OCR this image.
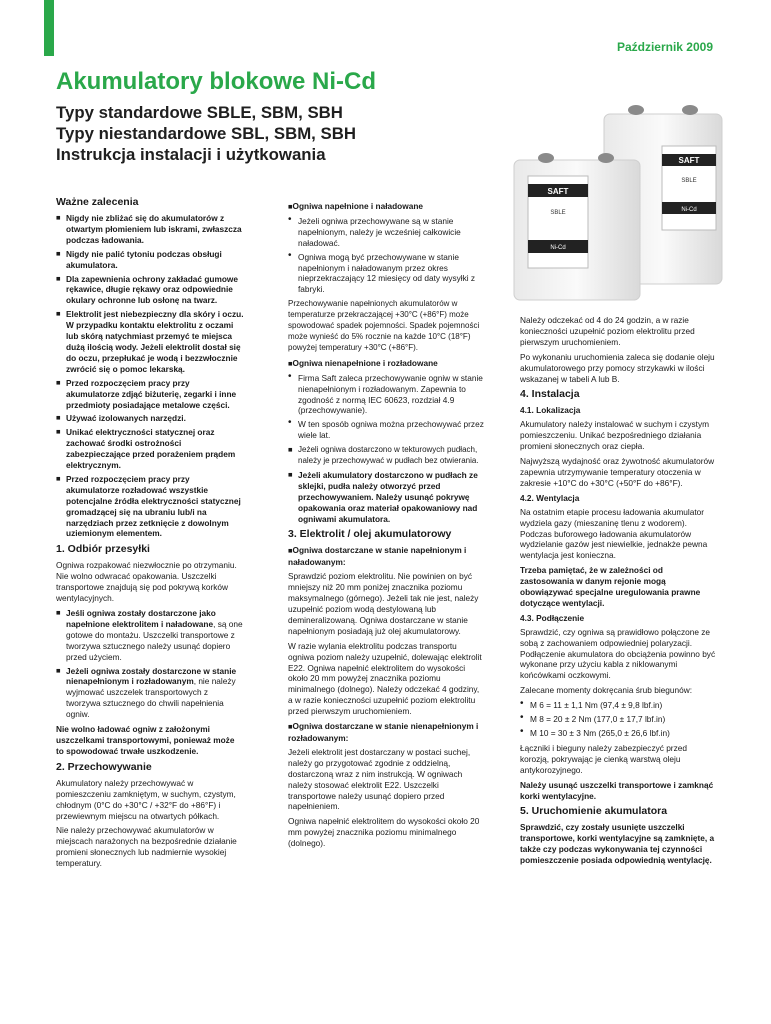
Październik 2009
Akumulatory blokowe Ni-Cd
Typy standardowe SBLE, SBM, SBH
Typy niestandardowe SBL, SBM, SBH
Instrukcja instalacji i użytkowania	SAFT
SBLE
Ni-Cd
SAFT
SBLE
Ni-Cd
Ważne zalecenia
■ Nigdy nie zbliżać się do akumulatorów z otwartym płomieniem lub iskrami, zwłaszcza podczas ładowania.
■ Nigdy nie palić tytoniu podczas obsługi akumulatora.
■ Dla zapewnienia ochrony zakładać gumowe rękawice, długie rękawy oraz odpowiednie okulary ochronne lub osłonę na twarz.
■ Elektrolit jest niebezpieczny dla skóry i oczu. W przypadku kontaktu elektrolitu z oczami lub skórą natychmiast przemyć te miejsca dużą ilością wody. Jeżeli elektrolit dostał się do oczu, przepłukać je wodą i bezzwłocznie zwrócić się o pomoc lekarską.
■ Przed rozpoczęciem pracy przy akumulatorze zdjąć biżuterię, zegarki i inne przedmioty posiadające metalowe części.
■ Używać izolowanych narzędzi.
■ Unikać elektryczności statycznej oraz zachować środki ostrożności zabezpieczające przed porażeniem prądem elektrycznym.
■ Przed rozpoczęciem pracy przy akumulatorze rozładować wszystkie potencjalne źródła elektryczności statycznej gromadzącej się na ubraniu lub/i na narzędziach przez zetknięcie z dowolnym uziemionym elementem.
1. Odbiór przesyłki

Ogniwa rozpakować niezwłocznie po otrzymaniu. Nie wolno odwracać opakowania. Uszczelki transportowe znajdują się pod pokrywą korków wentylacyjnych.

■ Jeśli ogniwa zostały dostarczone jako napełnione elektrolitem i naładowane, są one gotowe do montażu. Uszczelki transportowe z tworzywa sztucznego należy usunąć dopiero przed użyciem.
■ Jeżeli ogniwa zostały dostarczone w stanie nienapełnionym i rozładowanym, nie należy wyjmować uszczelek transportowych z tworzywa sztucznego do chwili napełnienia ogniw.

Nie wolno ładować ogniw z założonymi uszczelkami transportowymi, ponieważ może to spowodować trwałe uszkodzenie.

2. Przechowywanie

Akumulatory należy przechowywać w pomieszczeniu zamkniętym, w suchym, czystym, chłodnym (0°C do +30°C / +32°F do +86°F) i przewiewnym miejscu na otwartych półkach.

Nie należy przechowywać akumulatorów w miejscach narażonych na bezpośrednie działanie promieni słonecznych lub nadmiernie wysokiej temperatury.

■ Ogniwa napełnione i naładowane
• Jeżeli ogniwa przechowywane są w stanie napełnionym, należy je wcześniej całkowicie naładować.
• Ogniwa mogą być przechowywane w stanie napełnionym i naładowanym przez okres nieprzekraczający 12 miesięcy od daty wysyłki z fabryki.

Przechowywanie napełnionych akumulatorów w temperaturze przekraczającej +30°C (+86°F) może spowodować spadek pojemności. Spadek pojemności może wynieść do 5% rocznie na każde 10°C (18°F) powyżej temperatury +30°C (+86°F).

■ Ogniwa nienapełnione i rozładowane
• Firma Saft zaleca przechowywanie ogniw w stanie nienapełnionym i rozładowanym. Zapewnia to zgodność z normą IEC 60623, rozdział 4.9 (przechowywanie).
• W ten sposób ogniwa można przechowywać przez wiele lat.
■ Jeżeli ogniwa dostarczono w tekturowych pudłach, należy je przechowywać w pudłach bez otwierania.
■ Jeżeli akumulatory dostarczono w pudłach ze sklejki, pudła należy otworzyć przed przechowywaniem. Należy usunąć pokrywę opakowania oraz materiał opakowaniowy nad ogniwami akumulatora.
3. Elektrolit / olej akumulatorowy
■ Ogniwa dostarczane w stanie napełnionym i naładowanym:

Sprawdzić poziom elektrolitu. Nie powinien on być mniejszy niż 20 mm poniżej znacznika poziomu maksymalnego (górnego). Jeżeli tak nie jest, należy uzupełnić poziom wodą destylowaną lub demineralizowaną. Ogniwa dostarczane w stanie napełnionym posiadają już olej akumulatorowy.

W razie wylania elektrolitu podczas transportu ogniwa poziom należy uzupełnić, dolewając elektrolit E22. Ogniwa napełnić elektrolitem do wysokości około 20 mm powyżej znacznika poziomu minimalnego (dolnego). Należy odczekać 4 godziny, a w razie konieczności uzupełnić poziom elektrolitu przed pierwszym uruchomieniem.

■ Ogniwa dostarczane w stanie nienapełnionym i rozładowanym:

Jeżeli elektrolit jest dostarczany w postaci suchej, należy go przygotować zgodnie z oddzielną, dostarczoną wraz z nim instrukcją. W ogniwach należy stosować elektrolit E22. Uszczelki transportowe należy usunąć dopiero przed napełnieniem.

Ogniwa napełnić elektrolitem do wysokości około 20 mm powyżej znacznika poziomu minimalnego (dolnego).

Należy odczekać od 4 do 24 godzin, a w razie konieczności uzupełnić poziom elektrolitu przed pierwszym uruchomieniem.

Po wykonaniu uruchomienia zaleca się dodanie oleju akumulatorowego przy pomocy strzykawki w ilości wskazanej w tabeli A lub B.

4. Instalacja
4.1. Lokalizacja

Akumulatory należy instalować w suchym i czystym pomieszczeniu. Unikać bezpośredniego działania promieni słonecznych oraz ciepła.

Najwyższą wydajność oraz żywotność akumulatorów zapewnia utrzymywanie temperatury otoczenia w zakresie +10°C do +30°C (+50°F do +86°F).

4.2. Wentylacja

Na ostatnim etapie procesu ładowania akumulator wydziela gazy (mieszaninę tlenu z wodorem). Podczas buforowego ładowania akumulatorów wydzielanie gazów jest niewielkie, jednakże pewna wentylacja jest konieczna.

Trzeba pamiętać, że w zależności od zastosowania w danym rejonie mogą obowiązywać specjalne uregulowania prawne dotyczące wentylacji.

4.3. Podłączenie

Sprawdzić, czy ogniwa są prawidłowo połączone ze sobą z zachowaniem odpowiedniej polaryzacji. Podłączenie akumulatora do obciążenia powinno być wykonane przy użyciu kabla z niklowanymi końcówkami oczkowymi.

Zalecane momenty dokręcania śrub biegunów:

• M 6 = 11 ± 1,1 Nm (97,4 ± 9,8 lbf.in)
• M 8 = 20 ± 2 Nm (177,0 ± 17,7 lbf.in)
• M 10 = 30 ± 3 Nm (265,0 ± 26,6 lbf.in)

Łączniki i bieguny należy zabezpieczyć przed korozją, pokrywając je cienką warstwą oleju antykorozyjnego.

Należy usunąć uszczelki transportowe i zamknąć korki wentylacyjne.

5. Uruchomienie akumulatora

Sprawdzić, czy zostały usunięte uszczelki transportowe, korki wentylacyjne są zamknięte, a także czy podczas wykonywania tej czynności pomieszczenie posiada odpowiednią wentylację.
